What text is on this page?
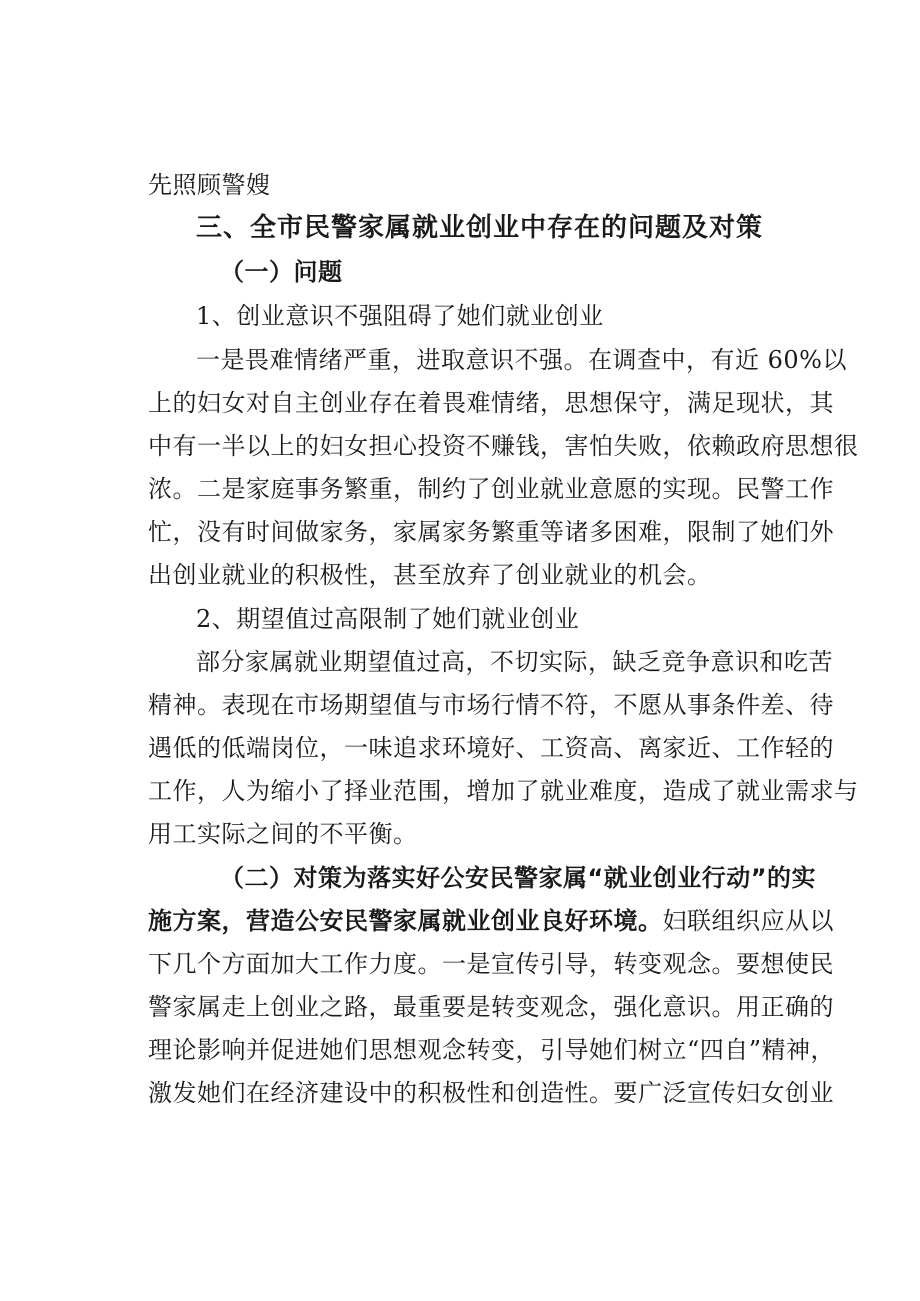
先照顾警嫂
三、全市民警家属就业创业中存在的问题及对策
（一）问题
1、创业意识不强阻碍了她们就业创业
一是畏难情绪严重，进取意识不强。在调查中，有近 60%以
上的妇女对自主创业存在着畏难情绪，思想保守，满足现状，其
中有一半以上的妇女担心投资不赚钱，害怕失败，依赖政府思想很
浓。二是家庭事务繁重，制约了创业就业意愿的实现。民警工作
忙，没有时间做家务，家属家务繁重等诸多困难，限制了她们外
出创业就业的积极性，甚至放弃了创业就业的机会。
2、期望值过高限制了她们就业创业
部分家属就业期望值过高，不切实际，缺乏竞争意识和吃苦
精神。表现在市场期望值与市场行情不符，不愿从事条件差、待
遇低的低端岗位，一味追求环境好、工资高、离家近、工作轻的
工作，人为缩小了择业范围，增加了就业难度，造成了就业需求与
用工实际之间的不平衡。
（二）对策为落实好公安民警家属“就业创业行动”的实
施方案，营造公安民警家属就业创业良好环境。妇联组织应从以
下几个方面加大工作力度。一是宣传引导，转变观念。要想使民
警家属走上创业之路，最重要是转变观念，强化意识。用正确的
理论影响并促进她们思想观念转变，引导她们树立“四自”精神，
激发她们在经济建设中的积极性和创造性。要广泛宣传妇女创业
